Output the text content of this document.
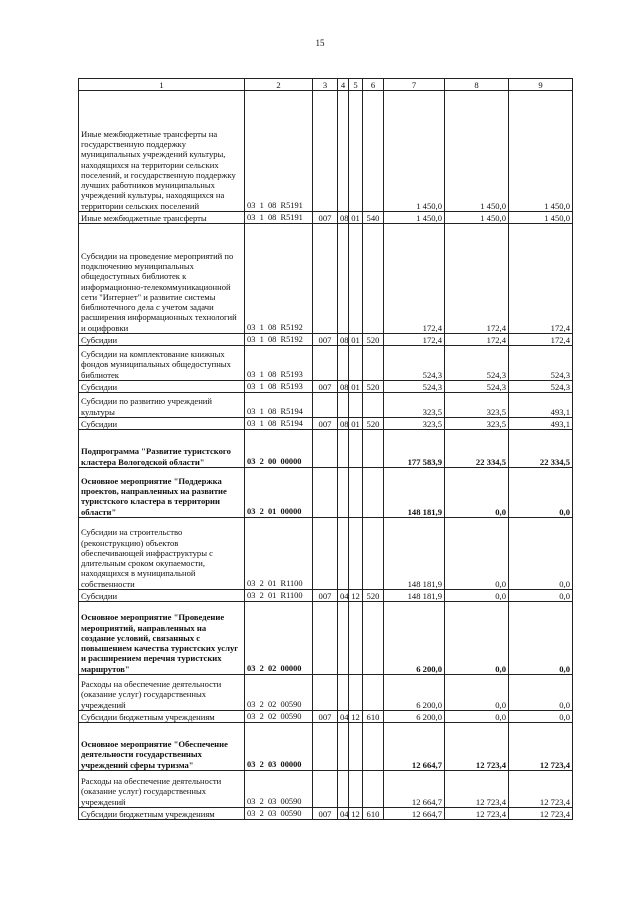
15
1	2	3	4	5	6	7	8	9
Иные межбюджетные трансферты на государственную поддержку муниципальных учреждений культуры, находящихся на территории сельских поселений, и государственную поддержку лучших работников муниципальных учреждений культуры, находящихся на территории сельских поселений	03  1  08  R5191					1 450,0	1 450,0	1 450,0
Иные межбюджетные трансферты	03  1  08  R5191	007	08	01	540	1 450,0	1 450,0	1 450,0
Субсидии на проведение мероприятий по подключению муниципальных общедоступных библиотек к информационно-телекоммуникационной сети "Интернет" и развитие системы библиотечного дела с учетом задачи расширения информационных технологий и оцифровки	03  1  08  R5192					172,4	172,4	172,4
Субсидии	03  1  08  R5192	007	08	01	520	172,4	172,4	172,4
Субсидии на комплектование книжных фондов муниципальных общедоступных библиотек	03  1  08  R5193					524,3	524,3	524,3
Субсидии	03  1  08  R5193	007	08	01	520	524,3	524,3	524,3
Субсидии по развитию учреждений культуры	03  1  08  R5194					323,5	323,5	493,1
Субсидии	03  1  08  R5194	007	08	01	520	323,5	323,5	493,1
Подпрограмма "Развитие туристского кластера Вологодской области"	03  2  00  00000					177 583,9	22 334,5	22 334,5
Основное мероприятие "Поддержка проектов, направленных на развитие туристского кластера в территории области"	03  2  01  00000					148 181,9	0,0	0,0
Субсидии на строительство (реконструкцию) объектов обеспечивающей инфраструктуры с длительным сроком окупаемости, находящихся в муниципальной собственности	03  2  01  R1100					148 181,9	0,0	0,0
Субсидии	03  2  01  R1100	007	04	12	520	148 181,9	0,0	0,0
Основное мероприятие "Проведение мероприятий, направленных на создание условий, связанных с повышением качества туристских услуг и расширением перечня туристских маршрутов"	03  2  02  00000					6 200,0	0,0	0,0
Расходы на обеспечение деятельности (оказание услуг) государственных учреждений	03  2  02  00590					6 200,0	0,0	0,0
Субсидии бюджетным учреждениям	03  2  02  00590	007	04	12	610	6 200,0	0,0	0,0
Основное мероприятие "Обеспечение деятельности государственных учреждений сферы туризма"	03  2  03  00000					12 664,7	12 723,4	12 723,4
Расходы на обеспечение деятельности (оказание услуг) государственных учреждений	03  2  03  00590					12 664,7	12 723,4	12 723,4
Субсидии бюджетным учреждениям	03  2  03  00590	007	04	12	610	12 664,7	12 723,4	12 723,4
